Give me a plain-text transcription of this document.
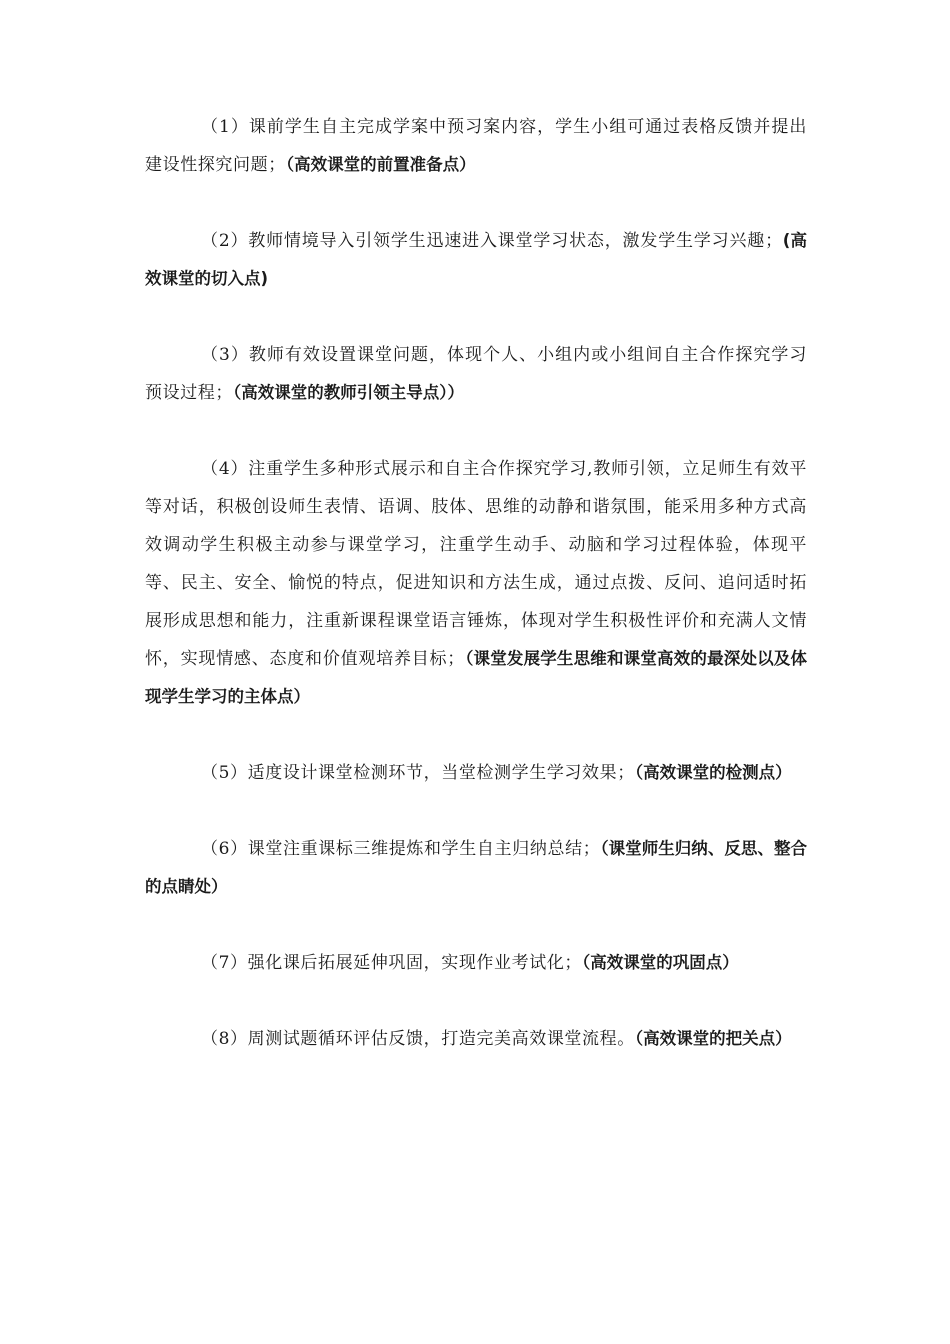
（1）课前学生自主完成学案中预习案内容，学生小组可通过表格反馈并提出建设性探究问题；（高效课堂的前置准备点）

（2）教师情境导入引领学生迅速进入课堂学习状态，激发学生学习兴趣；(高效课堂的切入点)

（3）教师有效设置课堂问题，体现个人、小组内或小组间自主合作探究学习预设过程；（高效课堂的教师引领主导点））

（4）注重学生多种形式展示和自主合作探究学习,教师引领，立足师生有效平等对话，积极创设师生表情、语调、肢体、思维的动静和谐氛围，能采用多种方式高效调动学生积极主动参与课堂学习，注重学生动手、动脑和学习过程体验，体现平等、民主、安全、愉悦的特点，促进知识和方法生成，通过点拨、反问、追问适时拓展形成思想和能力，注重新课程课堂语言锤炼，体现对学生积极性评价和充满人文情怀，实现情感、态度和价值观培养目标；（课堂发展学生思维和课堂高效的最深处以及体现学生学习的主体点）

（5）适度设计课堂检测环节，当堂检测学生学习效果；（高效课堂的检测点）

（6）课堂注重课标三维提炼和学生自主归纳总结；（课堂师生归纳、反思、整合的点睛处）

（7）强化课后拓展延伸巩固，实现作业考试化；（高效课堂的巩固点）

（8）周测试题循环评估反馈，打造完美高效课堂流程。（高效课堂的把关点）
